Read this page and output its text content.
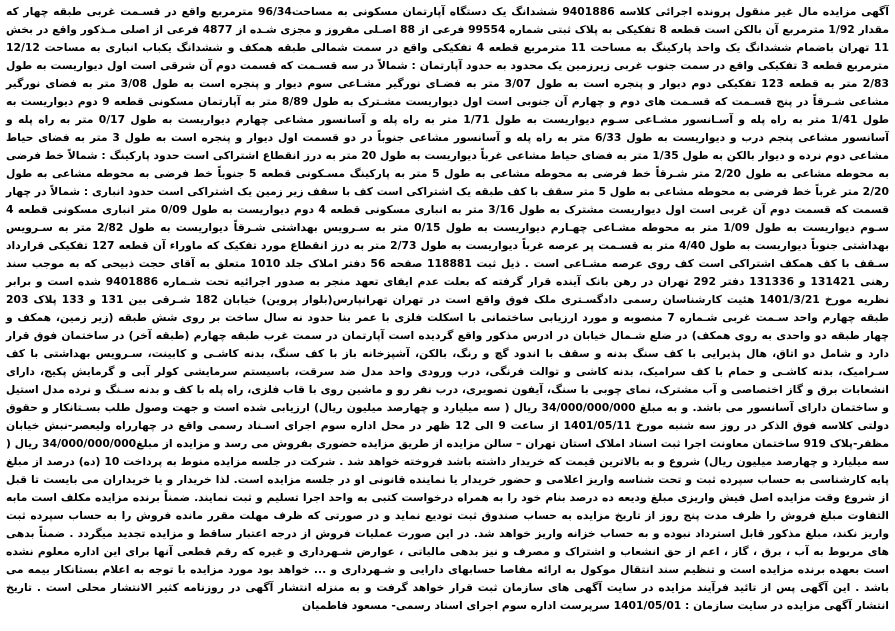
آگهی مزایده مال غیر منقول پرونده اجرائی کلاسه 9401886 ششدانگ یک دستگاه آپارتمان مسکونی به مساحت96/34 مترمربع واقع در قسـمت غربی طبقه چهار که مقدار 1/92 مترمربع آن بالکن است قطعه 8 تفکیکی به پلاک ثبتی شماره 99554 فرعی از 88 اصـلی مفروز و مجزی شـده از 4877 فرعی از اصلی مـذکور واقع در بخش 11 تهران باضمام ششدانگ یک واحد پارکینگ به مساحت 11 مترمربع قطعه 4 تفکیکی واقع در سمت شمالی طبقه همکف و ششدانگ یکباب انباری به مساحت 12/12 مترمربع قطعه 3 تفکیکی واقع در سمت جنوب غربی زیرزمین یک محدود به حدود آپارتمان : شمالاً در سه قسـمت که قسمت دوم آن شرقی است اول دیواریست به طول 2/83 متر به قطعه 123 تفکیکی دوم دیوار و پنجره است به طول 3/07 متر به فضـای نورگیر مشـاعی سوم دیوار و پنجره است به طول 3/08 متر به فضای نورگیر مشاعی شـرقاً در پنج قسـمت که قسـمت های دوم و چهارم آن جنوبی است اول دیواریست مشـترک به طول 8/89 متر به آپارتمان مسکونی قطعه 9 دوم دیواریست به طول 1/41 متر به راه پله و آسـانسور مشـاعی سـوم دیواریست به طول 1/71 متر به راه پله و آسانسور مشاعی چهارم دیواریست به طول 0/17 متر به راه پله و آسانسور مشاعی پنجم درب و دیواریست به طول 6/33 متر به راه پله و آسانسور مشاعی جنوباً در دو قسمت اول دیوار و پنجره است به طول 3 متر به فضای حیاط مشاعی دوم نرده و دیوار بالکن به طول 1/35 متر به فضای حیاط مشاعی غرباً دیواریست به طول 20 متر به درز انقطاع اشتراکی است حدود پارکینگ : شمالاً خط فرضی به محوطه مشاعی به طول 2/20 متر شـرقاً خط فرضی به محوطه مشاعی به طول 5 متر به پارکینگ مسـکونی قطعه 5 جنوباً خط فرضی به محوطه مشاعی به طول 2/20 متر غرباً خط فرضی به محوطه مشاعی به طول 5 متر سقف با کف طبقه یک اشتراکی است کف با سقف زیر زمین یک اشتراکی است حدود انباری : شمالاً در چهار قسمت که قسمت دوم آن غربی است اول دیواریست مشترک به طول 3/16 متر به انباری مسکونی قطعه 4 دوم دیواریست به طول 0/09 متر انباری مسکونی قطعه 4 سـوم دیواریست به طول 1/09 متر به محوطه مشـاعی چهـارم دیواریست به طول 0/15 متر به سـرویس بهداشتی شـرقاً دیواریست به طول 2/82 متر به سـرویس بهداشتی جنوباً دیواریست به طول 4/40 متر به قسـمت پر عرصه غرباً دیواریست به طول 2/73 متر به درز انقطاع مورد تفکیک که ماوراء آن قطعه 127 تفکیکی قرارداد سـقف با کف همکف اشتراکی است کف روی عرصه مشـاعی است . ذیل ثبت 118881 صفحه 56 دفتر املاک جلد 1010 متعلق به آقای حجت ذبیحی که به موجب سند رهنی 131421 و 131336 دفتر 292 تهران در رهن بانک آینده قرار گرفته که بعلت عدم ایفای تعهد منجر به صدور اجرائیه تحت شـماره 9401886 شده است و برابر نظریه مورخ 1401/3/21 هئیت کارشناسان رسمی دادگسـتری ملک فوق واقع است در تهران تهرانپارس(بلوار پروین) خیابان 182 شـرقی بین 131 و 133 پلاک 203 طبقه چهارم واحد سـمت غربی شـماره 7 منصوبه و مورد ارزیابی ساختمانی با اسکلت فلزی با عمر بنا حدود نه سال ساخت بر روی شش طبقه (زیر زمین، همکف و چهار طبقه دو واحدی به روی همکف) در ضلع شـمال خیابان در ادرس مذکور واقع گردیده است آپارتمان در سمت غرب طبقه چهارم (طبقه آخر) در ساختمان فوق قرار دارد و شامل دو اتاق، هال پذیرایی با کف سنگ بدنه و سقف با اندود گچ و رنگ، بالکن، آشپزخانه باز با کف سنگ، بدنه کاشـی و کابینت، سـرویس بهداشتی با کف سـرامیک، بدنه کاشـی و حمام با کف سرامیک، بدنه کاشی و توالت فرنگی، درب ورودی واحد مدل ضد سرقت، باسیستم سرمایشی کولر آبی و گرمایش پکیج، دارای انشعابات برق و گاز اختصاصی و آب مشترک، نمای چوبی با سنگ، آیفون تصویری، درب نفر رو و ماشین روی با قاب فلزی، راه پله با کف و بدنه سـنگ و نرده مدل استیل و ساختمان دارای آسانسور می باشد. و به مبلغ 34/000/000/000 ریال ( سه میلیارد و چهارصد میلیون ریال) ارزیابی شده است و جهت وصول طلب بسـتانکار و حقوق دولتی کلاسه فوق الذکر در روز سه شنبه مورخ 1401/05/11 از ساعت 9 الی 12 ظهر در محل اداره سوم اجرای اسـناد رسمی واقع در چهارراه ولیعصر-نبش خیابان مظفر-پلاک 919 ساختمان معاونت اجرا ثبت اسناد املاک استان تهران – سالن مزایده از طریق مزایده حضوری بفروش می رسد و مزایده از مبلغ34/000/000/000 ریال ( سه میلیارد و چهارصد میلیون ریال) شروع و به بالاترین قیمت که خریدار داشته باشد فروخته خواهد شد . شرکت در جلسه مزایده منوط به پرداخت 10 (ده) درصد از مبلغ پایه کارشناسی به حساب سپرده ثبت و تحت شناسه واریز اعلامی و حضور خریدار یا نماینده قانونی او در جلسه مزایده است. لذا خریدار و یا خریداران می بایست تا قبل از شروع وقت مزایده اصل فیش واریزی مبلغ ودیعه ده درصد بنام خود را به همراه درخواست کتبی به واحد اجرا تسلیم و ثبت نمایند. ضمناً برنده مزایده مکلف است مابه التفاوت مبلغ فروش را ظرف مدت پنج روز از تاریخ مزایده به حساب صندوق ثبت تودیع نماید و در صورتی که ظرف مهلت مقرر مانده فروش را به حساب سپرده ثبت واریز نکند، مبلغ مذکور قابل استرداد نبوده و به حساب خزانه واریز خواهد شد. در این صورت عملیات فروش از درجه اعتبار ساقط و مزایده تجدید میگردد . ضمناً بدهی های مربوط به آب ، برق ، گاز ، اعم از حق انشعاب و اشتراک و مصرف و نیز بدهی مالیاتی ، عوارض شـهرداری و غیره که رقم قطعی آنها برای این اداره معلوم نشده است بعهده برنده مزایده است و تنظیم سند انتقال موکول به ارائه مفاصا حسابهای دارایی و شـهرداری و ... خواهد بود مورد مزایده با توجه به اعلام بستانکار بیمه می باشد . این آگهی پس از تائید فرآیند مزایده در سایت آگهی های سازمان ثبت قرار خواهد گرفت و به منزله انتشار آگهی در روزنامه کثیر الانتشار محلی است . تاریخ انتشار آگهی مزایده در سایت سازمان : 1401/05/01 سرپرست اداره سوم اجرای اسناد رسمی- مسعود فاطمیان
